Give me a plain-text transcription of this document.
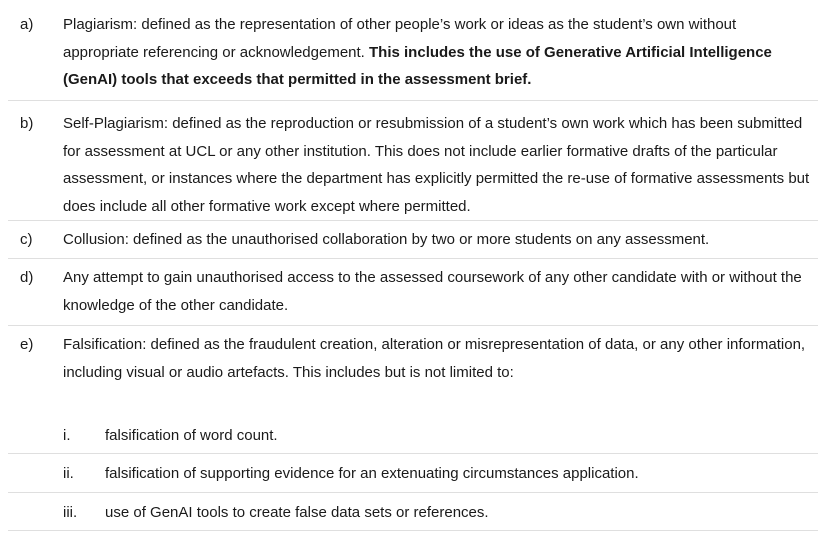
a) Plagiarism: defined as the representation of other people’s work or ideas as the student’s own without appropriate referencing or acknowledgement. This includes the use of Generative Artificial Intelligence (GenAI) tools that exceeds that permitted in the assessment brief.
b) Self-Plagiarism: defined as the reproduction or resubmission of a student’s own work which has been submitted for assessment at UCL or any other institution. This does not include earlier formative drafts of the particular assessment, or instances where the department has explicitly permitted the re-use of formative assessments but does include all other formative work except where permitted.
c) Collusion: defined as the unauthorised collaboration by two or more students on any assessment.
d) Any attempt to gain unauthorised access to the assessed coursework of any other candidate with or without the knowledge of the other candidate.
e) Falsification: defined as the fraudulent creation, alteration or misrepresentation of data, or any other information, including visual or audio artefacts. This includes but is not limited to:
i. falsification of word count.
ii. falsification of supporting evidence for an extenuating circumstances application.
iii. use of GenAI tools to create false data sets or references.
